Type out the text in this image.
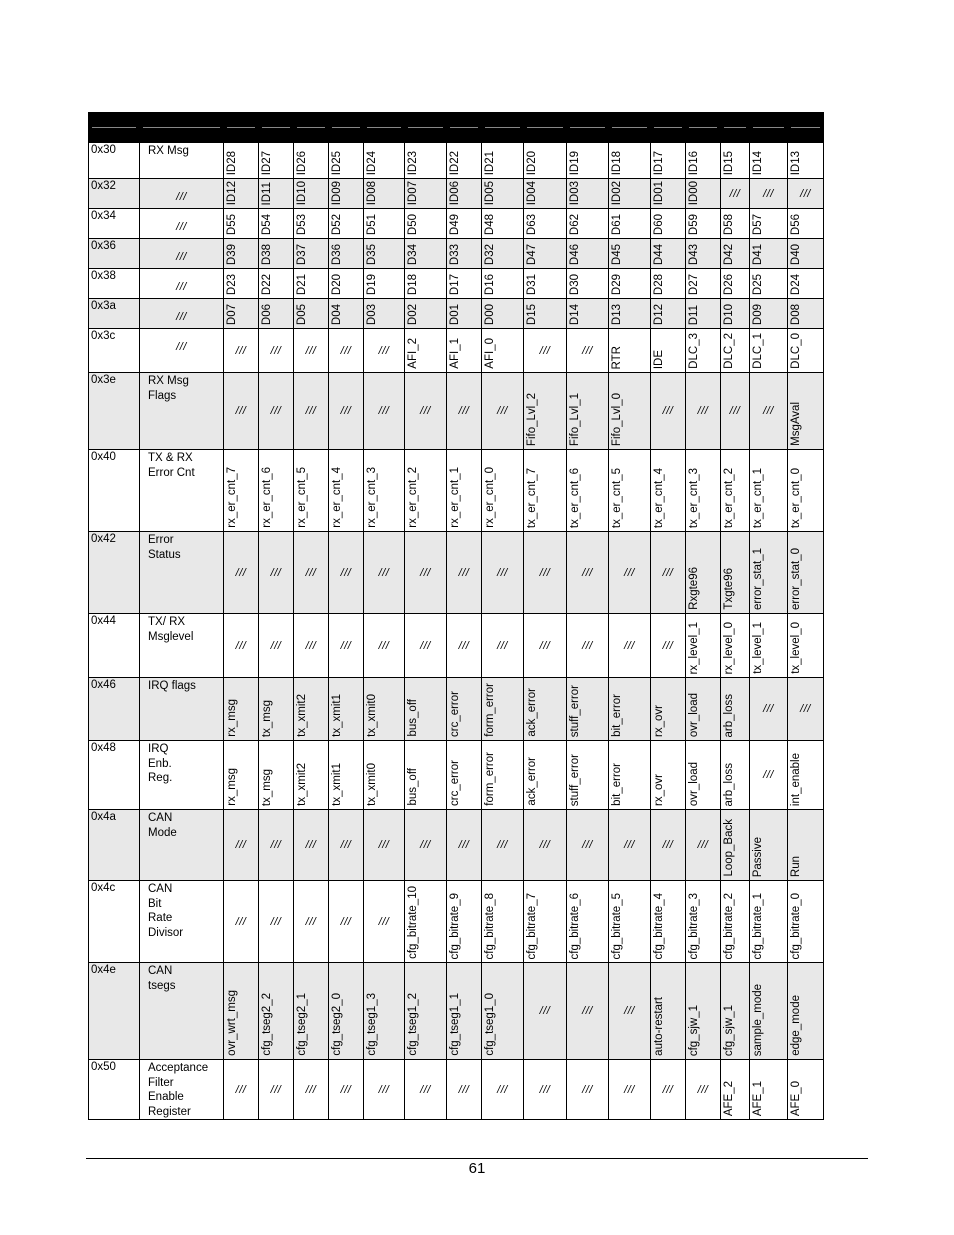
0x30	RX Msg	ID28	ID27	ID26	ID25	ID24	ID23	ID22	ID21	ID20	ID19	ID18	ID17	ID16	ID15	ID14	ID13

0x32	///	ID12	ID11	ID10	ID09	ID08	ID07	ID06	ID05	ID04	ID03	ID02	ID01	ID00	///	///	///

0x34	///	D55	D54	D53	D52	D51	D50	D49	D48	D63	D62	D61	D60	D59	D58	D57	D56

0x36	///	D39	D38	D37	D36	D35	D34	D33	D32	D47	D46	D45	D44	D43	D42	D41	D40

0x38	///	D23	D22	D21	D20	D19	D18	D17	D16	D31	D30	D29	D28	D27	D26	D25	D24

0x3a	///	D07	D06	D05	D04	D03	D02	D01	D00	D15	D14	D13	D12	D11	D10	D09	D08

0x3c	///	///	///	///	///	///	AFI_2	AFI_1	AFI_0	///	///	RTR	IDE	DLC_3	DLC_2	DLC_1	DLC_0

0x3e	RX Msg
Flags	///	///	///	///	///	///	///	///	Fifo_Lvl_2	Fifo_Lvl_1	Fifo_Lvl_0	///	///	///	///	MsgAval

0x40	TX & RX
Error Cnt	rx_er_cnt_7	rx_er_cnt_6	rx_er_cnt_5	rx_er_cnt_4	rx_er_cnt_3	rx_er_cnt_2	rx_er_cnt_1	rx_er_cnt_0	tx_er_cnt_7	tx_er_cnt_6	tx_er_cnt_5	tx_er_cnt_4	tx_er_cnt_3	tx_er_cnt_2	tx_er_cnt_1	tx_er_cnt_0

0x42	Error
Status	///	///	///	///	///	///	///	///	///	///	///	///	Rxgte96	Txgte96	error_stat_1	error_stat_0

0x44	TX/ RX
Msglevel	///	///	///	///	///	///	///	///	///	///	///	///	rx_level_1	rx_level_0	tx_level_1	tx_level_0

0x46	IRQ flags	rx_msg	tx_msg	tx_xmit2	tx_xmit1	tx_xmit0	bus_off	crc_error	form_error	ack_error	stuff_error	bit_error	rx_ovr	ovr_load	arb_loss	///	///

0x48	IRQ
Enb.
Reg.	rx_msg	tx_msg	tx_xmit2	tx_xmit1	tx_xmit0	bus_off	crc_error	form_error	ack_error	stuff_error	bit_error	rx_ovr	ovr_load	arb_loss	///	int_enable

0x4a	CAN
Mode	///	///	///	///	///	///	///	///	///	///	///	///	///	Loop_Back	Passive	Run

0x4c	CAN
Bit
Rate
Divisor	///	///	///	///	///	cfg_bitrate_10	cfg_bitrate_9	cfg_bitrate_8	cfg_bitrate_7	cfg_bitrate_6	cfg_bitrate_5	cfg_bitrate_4	cfg_bitrate_3	cfg_bitrate_2	cfg_bitrate_1	cfg_bitrate_0

0x4e	CAN
tsegs	ovr_wrt_msg	cfg_tseg2_2	cfg_tseg2_1	cfg_tseg2_0	cfg_tseg1_3	cfg_tseg1_2	cfg_tseg1_1	cfg_tseg1_0	///	///	///	auto-restart	cfg_sjw_1	cfg_sjw_1	sample_mode	edge_mode

0x50	Acceptance
Filter
Enable
Register	///	///	///	///	///	///	///	///	///	///	///	///	///	AFE_2	AFE_1	AFE_0
61
